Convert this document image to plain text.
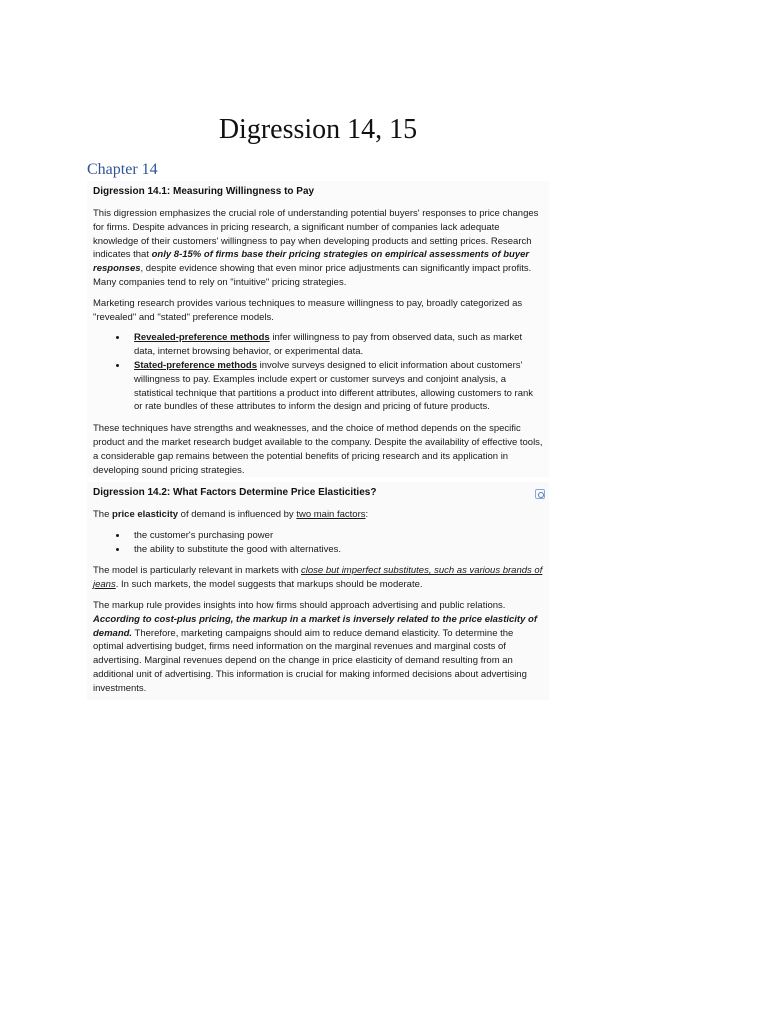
Digression 14, 15
Chapter 14
Digression 14.1: Measuring Willingness to Pay

This digression emphasizes the crucial role of understanding potential buyers' responses to price changes for firms. Despite advances in pricing research, a significant number of companies lack adequate knowledge of their customers' willingness to pay when developing products and setting prices. Research indicates that only 8-15% of firms base their pricing strategies on empirical assessments of buyer responses, despite evidence showing that even minor price adjustments can significantly impact profits. Many companies tend to rely on "intuitive" pricing strategies.

Marketing research provides various techniques to measure willingness to pay, broadly categorized as "revealed" and "stated" preference models.

• Revealed-preference methods infer willingness to pay from observed data, such as market data, internet browsing behavior, or experimental data.
• Stated-preference methods involve surveys designed to elicit information about customers' willingness to pay. Examples include expert or customer surveys and conjoint analysis, a statistical technique that partitions a product into different attributes, allowing customers to rank or rate bundles of these attributes to inform the design and pricing of future products.

These techniques have strengths and weaknesses, and the choice of method depends on the specific product and the market research budget available to the company. Despite the availability of effective tools, a considerable gap remains between the potential benefits of pricing research and its application in developing sound pricing strategies.

Digression 14.2: What Factors Determine Price Elasticities?

The price elasticity of demand is influenced by two main factors:

• the customer's purchasing power
• the ability to substitute the good with alternatives.

The model is particularly relevant in markets with close but imperfect substitutes, such as various brands of jeans. In such markets, the model suggests that markups should be moderate.

The markup rule provides insights into how firms should approach advertising and public relations. According to cost-plus pricing, the markup in a market is inversely related to the price elasticity of demand. Therefore, marketing campaigns should aim to reduce demand elasticity. To determine the optimal advertising budget, firms need information on the marginal revenues and marginal costs of advertising. Marginal revenues depend on the change in price elasticity of demand resulting from an additional unit of advertising. This information is crucial for making informed decisions about advertising investments.
